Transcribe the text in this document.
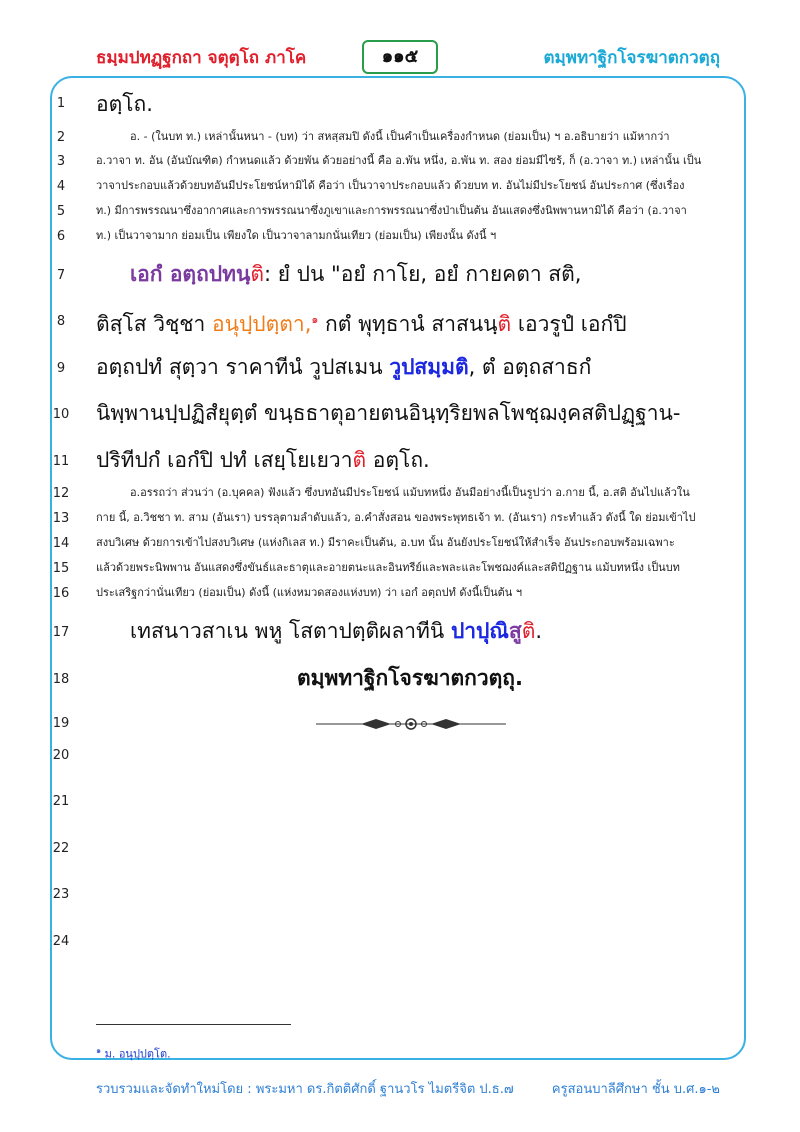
ธมฺมปทฏฺฐกถา จตุตฺโถ ภาโค	๑๑๕	ตมฺพทาฐิกโจรฆาตกวตฺถุ
1
2
3
4
5
6
7
8
9
10
11
12
13
14
15
16
17
18
19
20
21
22
23
24
อตฺโถ.
อ. - (ในบท ท.) เหล่านั้นหนา - (บท) ว่า สหสฺสมปิ ดังนี้ เป็นคำเป็นเครื่องกำหนด (ย่อมเป็น) ฯ อ.อธิบายว่า แม้หากว่า
อ.วาจา ท. อัน (อันบัณฑิต) กำหนดแล้ว ด้วยพัน ด้วยอย่างนี้ คือ อ.พัน หนึ่ง, อ.พัน ท. สอง ย่อมมีไซร้, ก็ (อ.วาจา ท.) เหล่านั้น เป็น
วาจาประกอบแล้วด้วยบทอันมีประโยชน์หามิได้ คือว่า เป็นวาจาประกอบแล้ว ด้วยบท ท. อันไม่มีประโยชน์ อันประกาศ (ซึ่งเรื่อง
ท.) มีการพรรณนาซึ่งอากาศและการพรรณนาซึ่งภูเขาและการพรรณนาซึ่งป่าเป็นต้น อันแสดงซึ่งนิพพานหามิได้ คือว่า (อ.วาจา
ท.) เป็นวาจามาก ย่อมเป็น เพียงใด เป็นวาจาลามกนั่นเทียว (ย่อมเป็น) เพียงนั้น ดังนี้ ฯ
เอกํ อตฺถปทนฺติ: ยํ ปน "อยํ กาโย, อยํ กายคตา สติ,
ติสฺโส วิชฺชา อนุปฺปตฺตา,$^๑$ กตํ พุทฺธานํ สาสนนฺติ เอวรูปํ เอกํปิ
อตฺถปทํ สุตฺวา ราคาทีนํ วูปสเมน วูปสมฺมติ, ตํ อตฺถสาธกํ
นิพฺพานปฺปฏิสํยุตฺตํ ขนฺธธาตุอายตนอินฺทฺริยพลโพชฺฌงฺคสติปฏฺฐาน-
ปริทีปกํ เอกํปิ ปทํ เสยฺโยเยวาติ อตฺโถ.
อ.อรรถว่า ส่วนว่า (อ.บุคคล) ฟังแล้ว ซึ่งบทอันมีประโยชน์ แม้บทหนึ่ง อันมีอย่างนี้เป็นรูปว่า อ.กาย นี้, อ.สติ อันไปแล้วใน
กาย นี้, อ.วิชชา ท. สาม (อันเรา) บรรลุตามลำดับแล้ว, อ.คำสั่งสอน ของพระพุทธเจ้า ท. (อันเรา) กระทำแล้ว ดังนี้ ใด ย่อมเข้าไป
สงบวิเศษ ด้วยการเข้าไปสงบวิเศษ (แห่งกิเลส ท.) มีราคะเป็นต้น, อ.บท นั้น อันยังประโยชน์ให้สำเร็จ อันประกอบพร้อมเฉพาะ
แล้วด้วยพระนิพพาน อันแสดงซึ่งขันธ์และธาตุและอายตนะและอินทรีย์และพละและโพชฌงค์และสติปัฏฐาน แม้บทหนึ่ง เป็นบท
ประเสริฐกว่านั่นเทียว (ย่อมเป็น) ดังนี้ (แห่งหมวดสองแห่งบท) ว่า เอกํ อตฺถปทํ ดังนี้เป็นต้น ฯ
เทสนาวสาเน พหู โสตาปตฺติผลาทีนิ ปาปุณิสูติ.
ตมฺพทาฐิกโจรฆาตกวตฺถุ.
$^๑$ ม. อนุปฺปตฺโต.
รวบรวมและจัดทำใหม่โดย : พระมหา ดร.กิตติศักดิ์ ฐานวโร ไมตรีจิต ป.ธ.๗	ครูสอนบาลีศึกษา ชั้น บ.ศ.๑-๒
